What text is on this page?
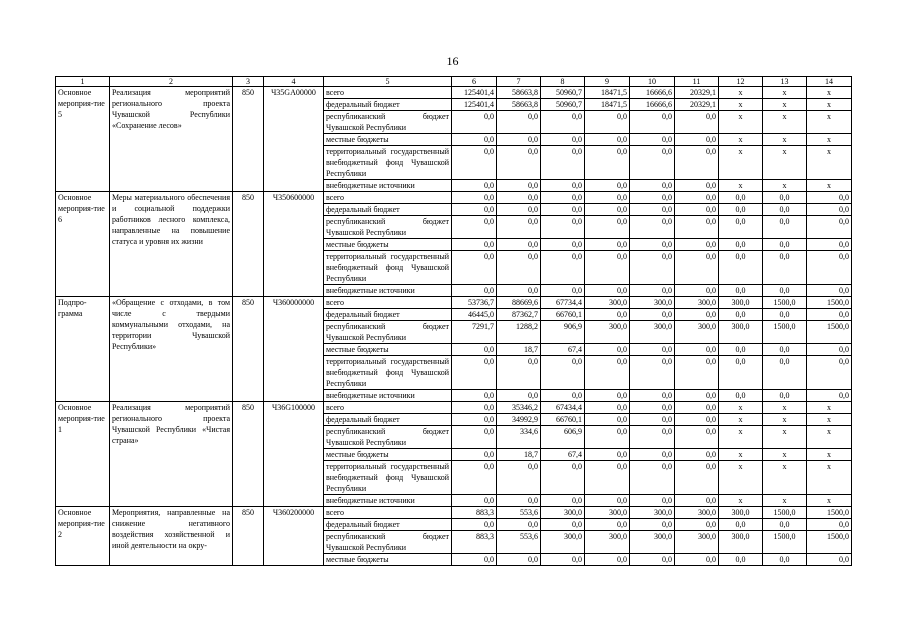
16
1	2	3	4	5	6	7	8	9	10	11	12	13	14
Основное мероприя-тие 5	Реализация мероприятий регионального проекта Чувашской Республики «Сохранение лесов»	850	Ч35GA00000	всего	125401,4	58663,8	50960,7	18471,5	16666,6	20329,1	x	x	x
				федеральный бюджет	125401,4	58663,8	50960,7	18471,5	16666,6	20329,1	x	x	x
				республиканский бюджет Чувашской Республики	0,0	0,0	0,0	0,0	0,0	0,0	x	x	x
				местные бюджеты	0,0	0,0	0,0	0,0	0,0	0,0	x	x	x
				территориальный государственный внебюджетный фонд Чувашской Республики	0,0	0,0	0,0	0,0	0,0	0,0	x	x	x
				внебюджетные источники	0,0	0,0	0,0	0,0	0,0	0,0	x	x	x
Основное мероприя-тие 6	Меры материального обеспечения и социальной поддержки работников лесного комплекса, направленные на повышение статуса и уровня их жизни	850	Ч350600000	всего	0,0	0,0	0,0	0,0	0,0	0,0	0,0	0,0	0,0
				федеральный бюджет	0,0	0,0	0,0	0,0	0,0	0,0	0,0	0,0	0,0
				республиканский бюджет Чувашской Республики	0,0	0,0	0,0	0,0	0,0	0,0	0,0	0,0	0,0
				местные бюджеты	0,0	0,0	0,0	0,0	0,0	0,0	0,0	0,0	0,0
				территориальный государственный внебюджетный фонд Чувашской Республики	0,0	0,0	0,0	0,0	0,0	0,0	0,0	0,0	0,0
				внебюджетные источники	0,0	0,0	0,0	0,0	0,0	0,0	0,0	0,0	0,0
Подпро-грамма	«Обращение с отходами, в том числе с твердыми коммунальными отходами, на территории Чувашской Республики»	850	Ч360000000	всего	53736,7	88669,6	67734,4	300,0	300,0	300,0	300,0	1500,0	1500,0
				федеральный бюджет	46445,0	87362,7	66760,1	0,0	0,0	0,0	0,0	0,0	0,0
				республиканский бюджет Чувашской Республики	7291,7	1288,2	906,9	300,0	300,0	300,0	300,0	1500,0	1500,0
				местные бюджеты	0,0	18,7	67,4	0,0	0,0	0,0	0,0	0,0	0,0
				территориальный государственный внебюджетный фонд Чувашской Республики	0,0	0,0	0,0	0,0	0,0	0,0	0,0	0,0	0,0
				внебюджетные источники	0,0	0,0	0,0	0,0	0,0	0,0	0,0	0,0	0,0
Основное мероприя-тие 1	Реализация мероприятий регионального проекта Чувашской Республики «Чистая страна»	850	Ч36G100000	всего	0,0	35346,2	67434,4	0,0	0,0	0,0	x	x	x
				федеральный бюджет	0,0	34992,9	66760,1	0,0	0,0	0,0	x	x	x
				республиканский бюджет Чувашской Республики	0,0	334,6	606,9	0,0	0,0	0,0	x	x	x
				местные бюджеты	0,0	18,7	67,4	0,0	0,0	0,0	x	x	x
				территориальный государственный внебюджетный фонд Чувашской Республики	0,0	0,0	0,0	0,0	0,0	0,0	x	x	x
				внебюджетные источники	0,0	0,0	0,0	0,0	0,0	0,0	x	x	x
Основное мероприя-тие 2	Мероприятия, направленные на снижение негативного воздействия хозяйственной и иной деятельности на окру-	850	Ч360200000	всего	883,3	553,6	300,0	300,0	300,0	300,0	300,0	1500,0	1500,0
				федеральный бюджет	0,0	0,0	0,0	0,0	0,0	0,0	0,0	0,0	0,0
				республиканский бюджет Чувашской Республики	883,3	553,6	300,0	300,0	300,0	300,0	300,0	1500,0	1500,0
				местные бюджеты	0,0	0,0	0,0	0,0	0,0	0,0	0,0	0,0	0,0
